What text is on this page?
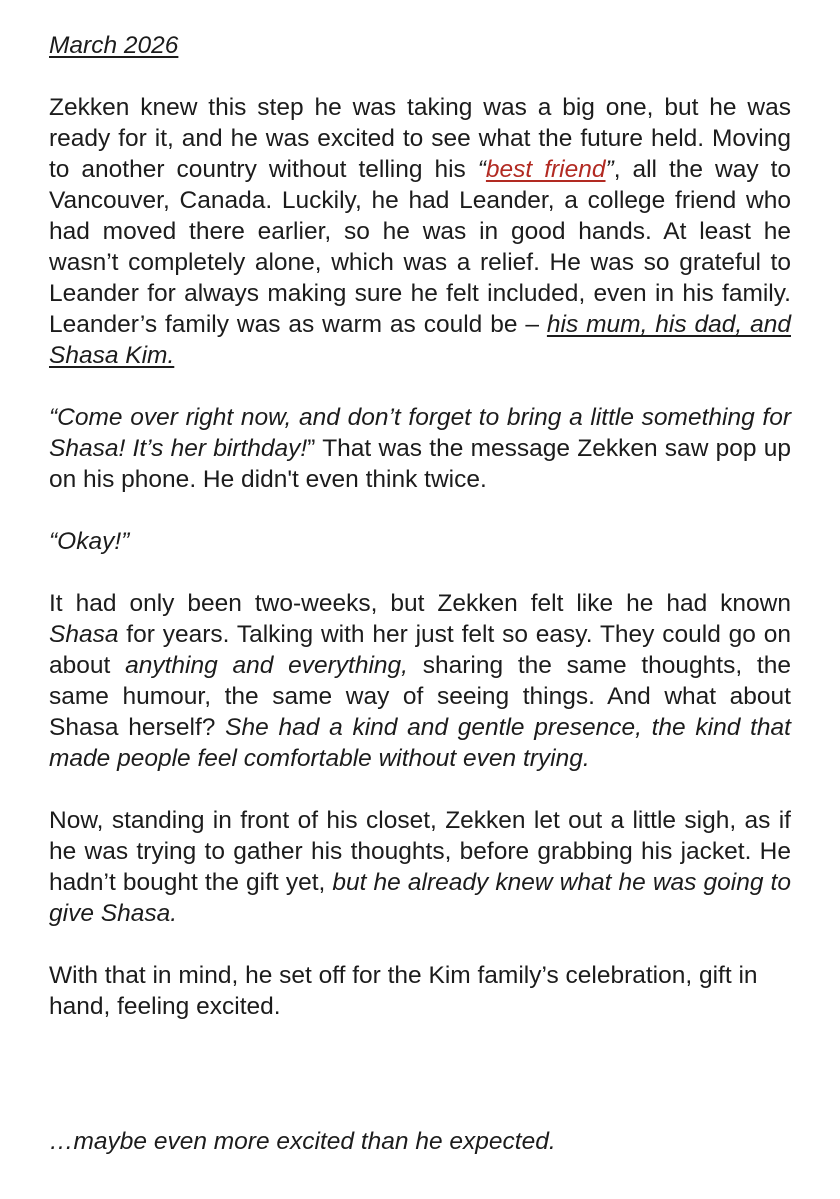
March 2026

Zekken knew this step he was taking was a big one, but he was ready for it, and he was excited to see what the future held. Moving to another country without telling his “best friend”, all the way to Vancouver, Canada. Luckily, he had Leander, a college friend who had moved there earlier, so he was in good hands. At least he wasn’t completely alone, which was a relief. He was so grateful to Leander for always making sure he felt included, even in his family. Leander’s family was as warm as could be – his mum, his dad, and Shasa Kim.

“Come over right now, and don’t forget to bring a little something for Shasa! It’s her birthday!” That was the message Zekken saw pop up on his phone. He didn't even think twice.

“Okay!”

It had only been two-weeks, but Zekken felt like he had known Shasa for years. Talking with her just felt so easy. They could go on about anything and everything, sharing the same thoughts, the same humour, the same way of seeing things. And what about Shasa herself? She had a kind and gentle presence, the kind that made people feel comfortable without even trying.

Now, standing in front of his closet, Zekken let out a little sigh, as if he was trying to gather his thoughts, before grabbing his jacket. He hadn’t bought the gift yet, but he already knew what he was going to give Shasa.

With that in mind, he set off for the Kim family’s celebration, gift in hand, feeling excited.

…maybe even more excited than he expected.
